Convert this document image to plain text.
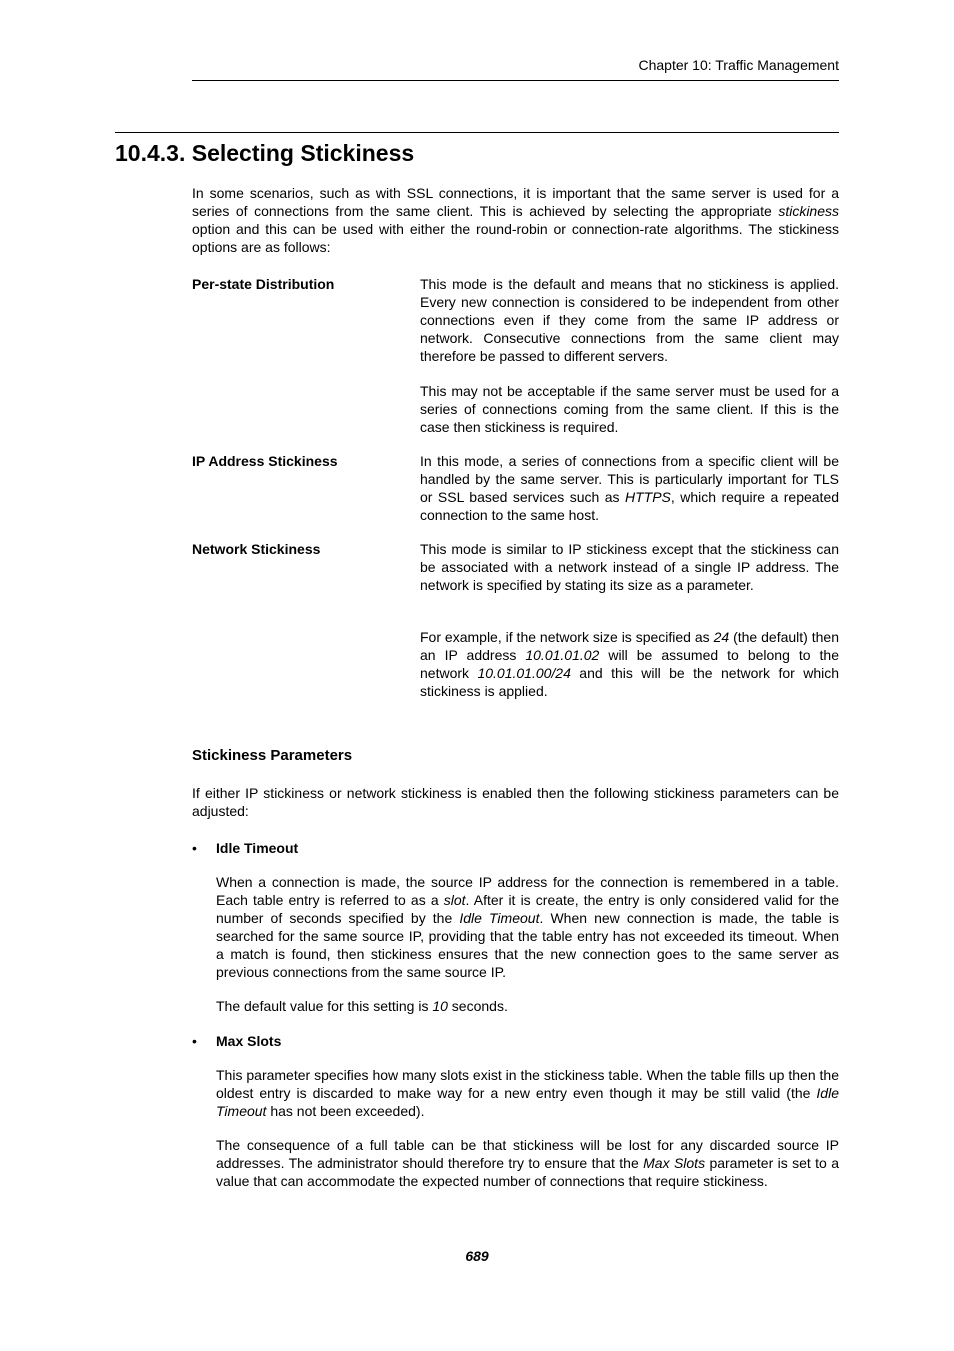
Chapter 10: Traffic Management
10.4.3. Selecting Stickiness

In some scenarios, such as with SSL connections, it is important that the same server is used for a series of connections from the same client. This is achieved by selecting the appropriate stickiness option and this can be used with either the round-robin or connection-rate algorithms. The stickiness options are as follows:

Per-state Distribution	This mode is the default and means that no stickiness is applied. Every new connection is considered to be independent from other connections even if they come from the same IP address or network. Consecutive connections from the same client may therefore be passed to different servers.

This may not be acceptable if the same server must be used for a series of connections coming from the same client. If this is the case then stickiness is required.

IP Address Stickiness	In this mode, a series of connections from a specific client will be handled by the same server. This is particularly important for TLS or SSL based services such as HTTPS, which require a repeated connection to the same host.

Network Stickiness	This mode is similar to IP stickiness except that the stickiness can be associated with a network instead of a single IP address. The network is specified by stating its size as a parameter.

For example, if the network size is specified as 24 (the default) then an IP address 10.01.01.02 will be assumed to belong to the network 10.01.01.00/24 and this will be the network for which stickiness is applied.

Stickiness Parameters

If either IP stickiness or network stickiness is enabled then the following stickiness parameters can be adjusted:

• Idle Timeout

When a connection is made, the source IP address for the connection is remembered in a table. Each table entry is referred to as a slot. After it is create, the entry is only considered valid for the number of seconds specified by the Idle Timeout. When new connection is made, the table is searched for the same source IP, providing that the table entry has not exceeded its timeout. When a match is found, then stickiness ensures that the new connection goes to the same server as previous connections from the same source IP.

The default value for this setting is 10 seconds.

• Max Slots

This parameter specifies how many slots exist in the stickiness table. When the table fills up then the oldest entry is discarded to make way for a new entry even though it may be still valid (the Idle Timeout has not been exceeded).

The consequence of a full table can be that stickiness will be lost for any discarded source IP addresses. The administrator should therefore try to ensure that the Max Slots parameter is set to a value that can accommodate the expected number of connections that require stickiness.

689
